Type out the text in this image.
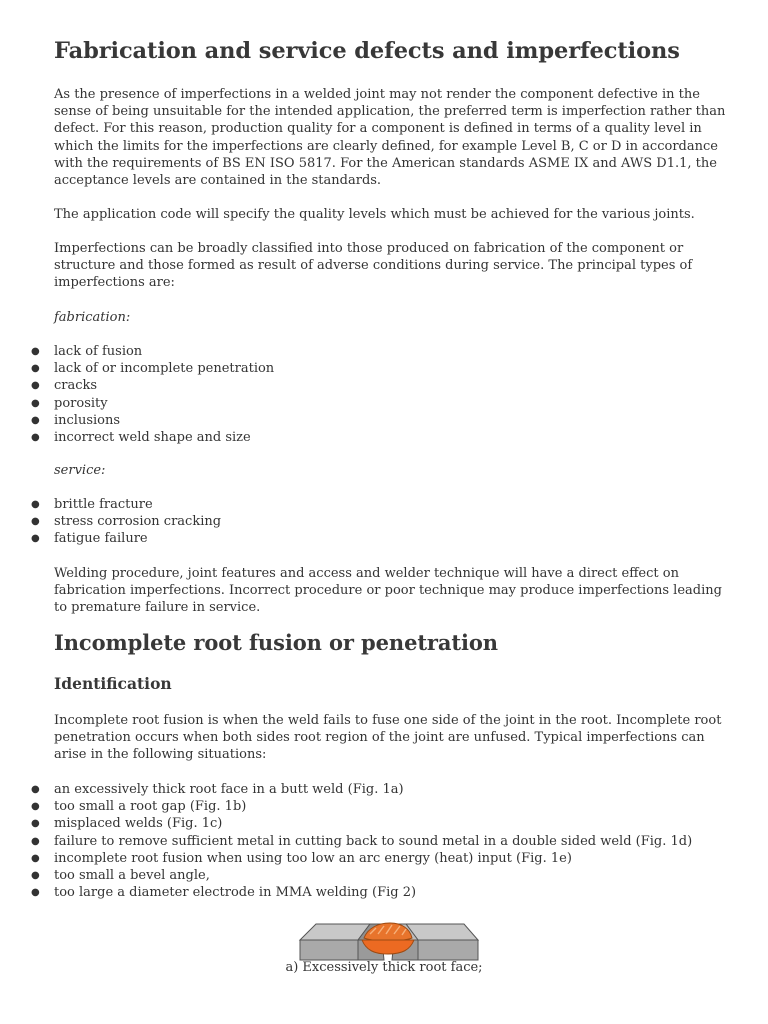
Fabrication and service defects and imperfections
As the presence of imperfections in a welded joint may not render the component defective in the
sense of being unsuitable for the intended application, the preferred term is imperfection rather than
defect. For this reason, production quality for a component is defined in terms of a quality level in
which the limits for the imperfections are clearly defined, for example Level B, C or D in accordance
with the requirements of BS EN ISO 5817. For the American standards ASME IX and AWS D1.1, the
acceptance levels are contained in the standards.
The application code will specify the quality levels which must be achieved for the various joints.
Imperfections can be broadly classified into those produced on fabrication of the component or
structure and those formed as result of adverse conditions during service. The principal types of
imperfections are:
fabrication:
● lack of fusion
● lack of or incomplete penetration
● cracks
● porosity
● inclusions
● incorrect weld shape and size
service:
● brittle fracture
● stress corrosion cracking
● fatigue failure
Welding procedure, joint features and access and welder technique will have a direct effect on
fabrication imperfections. Incorrect procedure or poor technique may produce imperfections leading
to premature failure in service.
Incomplete root fusion or penetration
Identification
Incomplete root fusion is when the weld fails to fuse one side of the joint in the root. Incomplete root
penetration occurs when both sides root region of the joint are unfused. Typical imperfections can
arise in the following situations:
● an excessively thick root face in a butt weld (Fig. 1a)
● too small a root gap (Fig. 1b)
● misplaced welds (Fig. 1c)
● failure to remove sufficient metal in cutting back to sound metal in a double sided weld (Fig. 1d)
● incomplete root fusion when using too low an arc energy (heat) input (Fig. 1e)
● too small a bevel angle,
● too large a diameter electrode in MMA welding (Fig 2)
a) Excessively thick root face;
